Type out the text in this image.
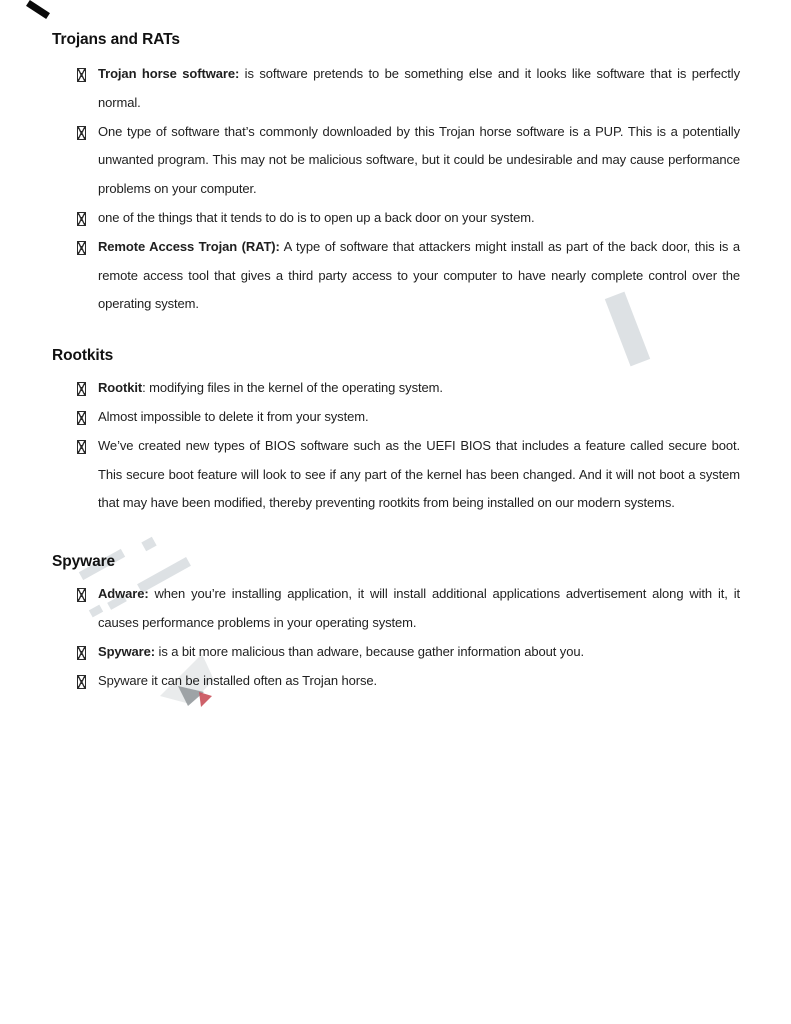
Trojans and RATs
Trojan horse software: is software pretends to be something else and it looks like software that is perfectly normal.
One type of software that’s commonly downloaded by this Trojan horse software is a PUP. This is a potentially unwanted program. This may not be malicious software, but it could be undesirable and may cause performance problems on your computer.
one of the things that it tends to do is to open up a back door on your system.
Remote Access Trojan (RAT): A type of software that attackers might install as part of the back door, this is a remote access tool that gives a third party access to your computer to have nearly complete control over the operating system.
Rootkits
Rootkit: modifying files in the kernel of the operating system.
Almost impossible to delete it from your system.
We’ve created new types of BIOS software such as the UEFI BIOS that includes a feature called secure boot. This secure boot feature will look to see if any part of the kernel has been changed. And it will not boot a system that may have been modified, thereby preventing rootkits from being installed on our modern systems.
Spyware
Adware: when you’re installing application, it will install additional applications advertisement along with it, it causes performance problems in your operating system.
Spyware: is a bit more malicious than adware, because gather information about you.
Spyware it can be installed often as Trojan horse.
